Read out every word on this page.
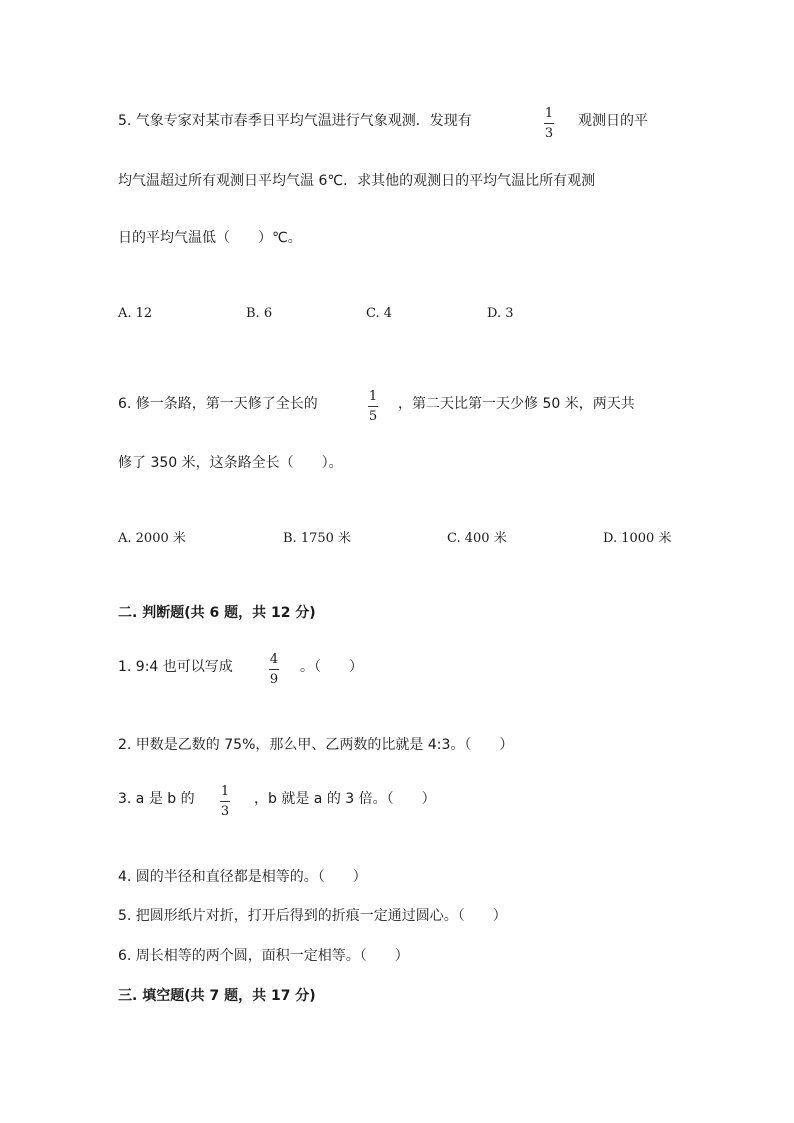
5. 气象专家对某市春季日平均气温进行气象观测．发现有	1
3
观测日的平
均气温超过所有观测日平均气温 6℃．求其他的观测日的平均气温比所有观测
日的平均气温低（　　）℃。
A. 12	B. 6	C. 4	D. 3
6. 修一条路，第一天修了全长的	1
5
，第二天比第一天少修 50 米，两天共
修了 350 米，这条路全长（　　）。
A. 2000 米	B. 1750 米	C. 400 米	D. 1000 米
二. 判断题(共 6 题，共 12 分)
1. 9:4 也可以写成	4
9
。（　　）
2. 甲数是乙数的 75%，那么甲、乙两数的比就是 4:3。（　　）
3. a 是 b 的 1
3
，b 就是 a 的 3 倍。（　　）
4. 圆的半径和直径都是相等的。（　　）
5. 把圆形纸片对折，打开后得到的折痕一定通过圆心。（　　）
6. 周长相等的两个圆，面积一定相等。（　　）
三. 填空题(共 7 题，共 17 分)
